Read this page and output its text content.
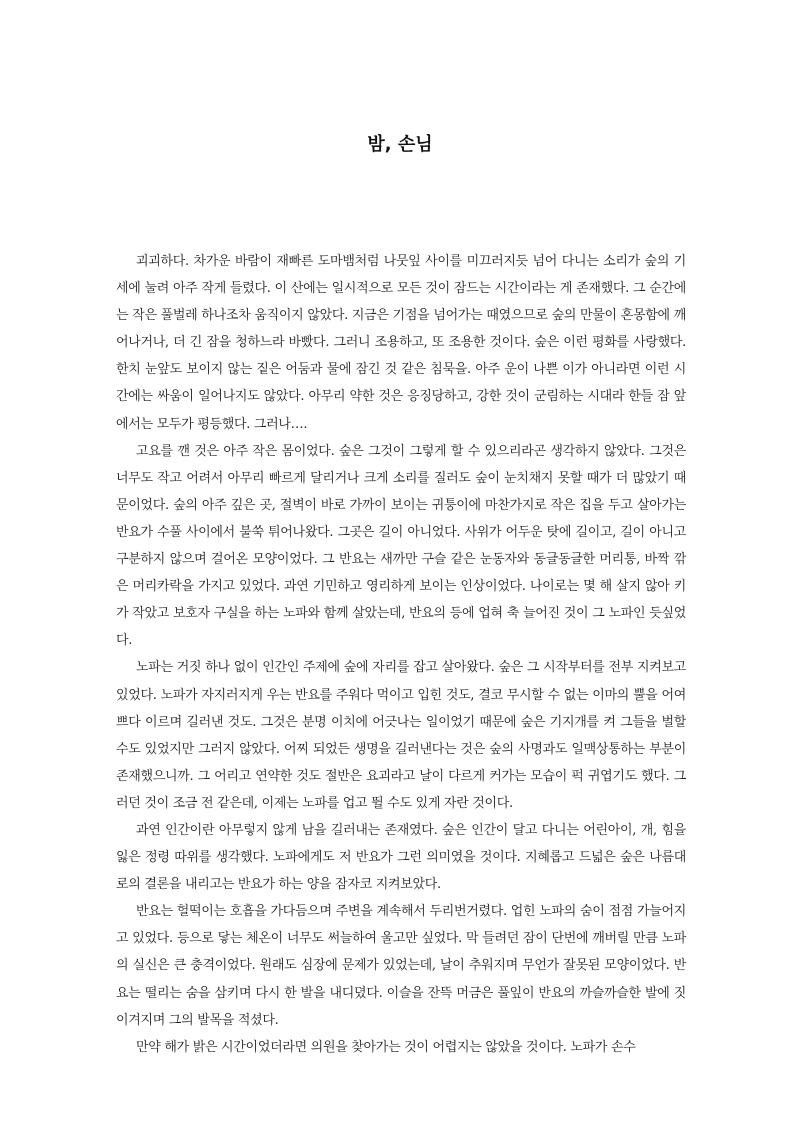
밤, 손님

괴괴하다. 차가운 바람이 재빠른 도마뱀처럼 나뭇잎 사이를 미끄러지듯 넘어 다니는 소리가 숲의 기세에 눌려 아주 작게 들렸다. 이 산에는 일시적으로 모든 것이 잠드는 시간이라는 게 존재했다. 그 순간에는 작은 풀벌레 하나조차 움직이지 않았다. 지금은 기점을 넘어가는 때였으므로 숲의 만물이 혼몽함에 깨어나거나, 더 긴 잠을 청하느라 바빴다. 그러니 조용하고, 또 조용한 것이다. 숲은 이런 평화를 사랑했다. 한치 눈앞도 보이지 않는 짙은 어둠과 물에 잠긴 것 같은 침묵을. 아주 운이 나쁜 이가 아니라면 이런 시간에는 싸움이 일어나지도 않았다. 아무리 약한 것은 응징당하고, 강한 것이 군림하는 시대라 한들 잠 앞에서는 모두가 평등했다. 그러나….

고요를 깬 것은 아주 작은 몸이었다. 숲은 그것이 그렇게 할 수 있으리라곤 생각하지 않았다. 그것은 너무도 작고 어려서 아무리 빠르게 달리거나 크게 소리를 질러도 숲이 눈치채지 못할 때가 더 많았기 때문이었다. 숲의 아주 깊은 곳, 절벽이 바로 가까이 보이는 귀퉁이에 마찬가지로 작은 집을 두고 살아가는 반요가 수풀 사이에서 불쑥 튀어나왔다. 그곳은 길이 아니었다. 사위가 어두운 탓에 길이고, 길이 아니고 구분하지 않으며 걸어온 모양이었다. 그 반요는 새까만 구슬 같은 눈동자와 동글동글한 머리통, 바짝 깎은 머리카락을 가지고 있었다. 과연 기민하고 영리하게 보이는 인상이었다. 나이로는 몇 해 살지 않아 키가 작았고 보호자 구실을 하는 노파와 함께 살았는데, 반요의 등에 업혀 축 늘어진 것이 그 노파인 듯싶었다.

노파는 거짓 하나 없이 인간인 주제에 숲에 자리를 잡고 살아왔다. 숲은 그 시작부터를 전부 지켜보고 있었다. 노파가 자지러지게 우는 반요를 주워다 먹이고 입힌 것도, 결코 무시할 수 없는 이마의 뿔을 어여쁘다 이르며 길러낸 것도. 그것은 분명 이치에 어긋나는 일이었기 때문에 숲은 기지개를 켜 그들을 벌할 수도 있었지만 그러지 않았다. 어찌 되었든 생명을 길러낸다는 것은 숲의 사명과도 일맥상통하는 부분이 존재했으니까. 그 어리고 연약한 것도 절반은 요괴라고 날이 다르게 커가는 모습이 퍽 귀엽기도 했다. 그러던 것이 조금 전 같은데, 이제는 노파를 업고 뛸 수도 있게 자란 것이다.

과연 인간이란 아무렇지 않게 남을 길러내는 존재였다. 숲은 인간이 달고 다니는 어린아이, 개, 힘을 잃은 정령 따위를 생각했다. 노파에게도 저 반요가 그런 의미였을 것이다. 지혜롭고 드넓은 숲은 나름대로의 결론을 내리고는 반요가 하는 양을 잠자코 지켜보았다.

반요는 헐떡이는 호흡을 가다듬으며 주변을 계속해서 두리번거렸다. 업힌 노파의 숨이 점점 가늘어지고 있었다. 등으로 닿는 체온이 너무도 써늘하여 울고만 싶었다. 막 들려던 잠이 단번에 깨버릴 만큼 노파의 실신은 큰 충격이었다. 원래도 심장에 문제가 있었는데, 날이 추워지며 무언가 잘못된 모양이었다. 반요는 떨리는 숨을 삼키며 다시 한 발을 내디뎠다. 이슬을 잔뜩 머금은 풀잎이 반요의 까슬까슬한 발에 짓이겨지며 그의 발목을 적셨다.

만약 해가 밝은 시간이었더라면 의원을 찾아가는 것이 어렵지는 않았을 것이다. 노파가 손수
